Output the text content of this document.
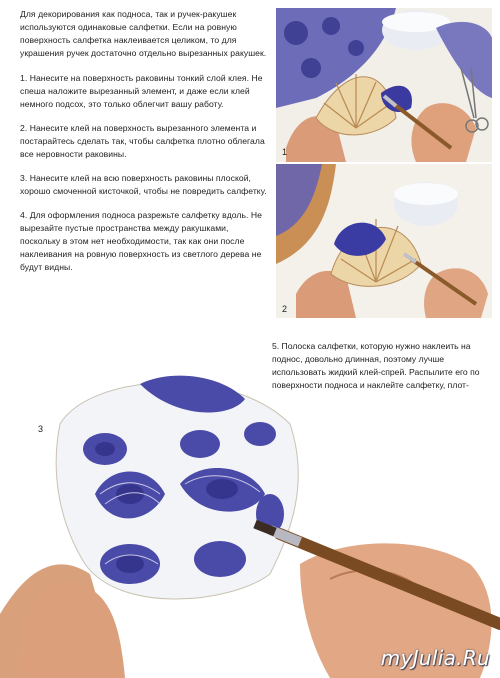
Для декорирования как подноса, так и ручек-ракушек используются одинаковые салфетки. Если на ровную поверхность салфетка наклеивается целиком, то для украшения ручек достаточно отдельно вырезанных ракушек.

1. Нанесите на поверхность раковины тонкий слой клея. Не спеша наложите вырезанный элемент, и даже если клей немного подсох, это только облегчит вашу работу.

2. Нанесите клей на поверхность вырезанного элемента и постарайтесь сделать так, чтобы салфетка плотно облегала все неровности раковины.

3. Нанесите клей на всю поверхность раковины плоской, хорошо смоченной кисточкой, чтобы не повредить салфетку.

4. Для оформления подноса разрежьте салфетку вдоль. Не вырезайте пустые пространства между ракушками, поскольку в этом нет необходимости, так как они после наклеивания на ровную поверхность из светлого дерева не будут видны.

1
2

5. Полоска салфетки, которую нужно наклеить на поднос, довольно длинная, поэтому лучше использовать жидкий клей-спрей. Распылите его по поверхности подноса и наклейте салфетку, плот-

3
myJulia.Ru
